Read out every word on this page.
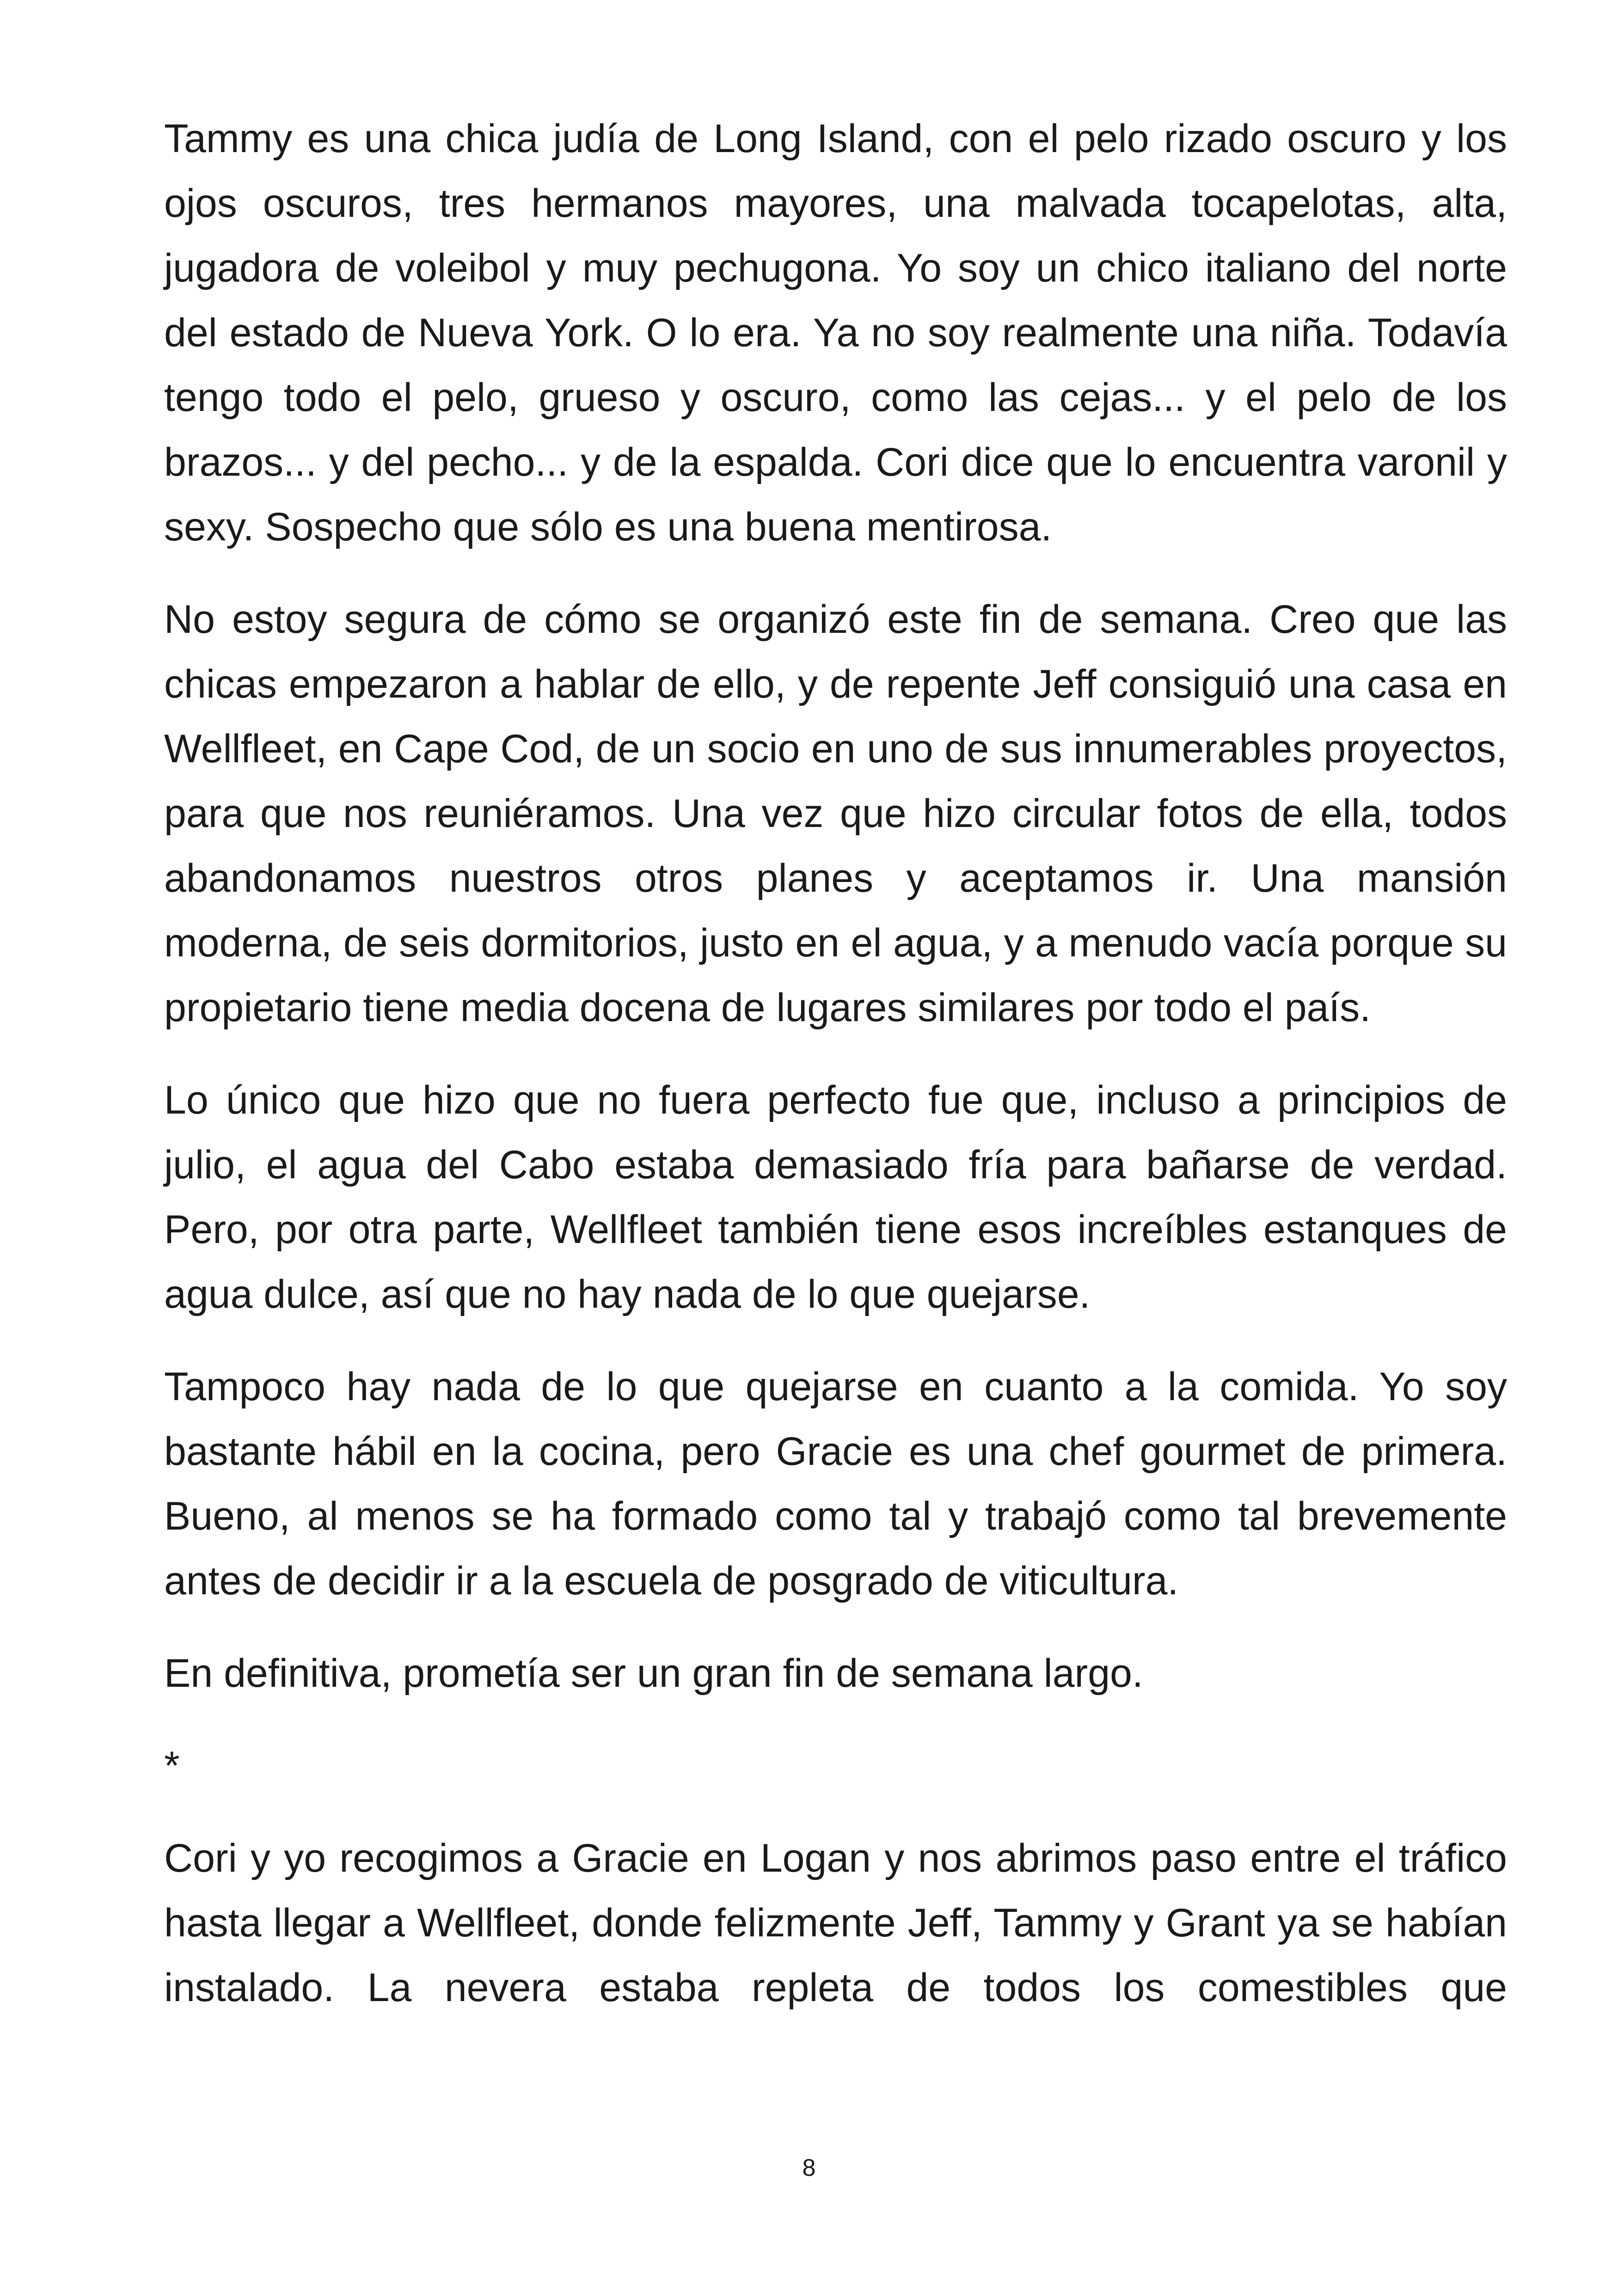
Tammy es una chica judía de Long Island, con el pelo rizado oscuro y los ojos oscuros, tres hermanos mayores, una malvada tocapelotas, alta, jugadora de voleibol y muy pechugona. Yo soy un chico italiano del norte del estado de Nueva York. O lo era. Ya no soy realmente una niña. Todavía tengo todo el pelo, grueso y oscuro, como las cejas... y el pelo de los brazos... y del pecho... y de la espalda. Cori dice que lo encuentra varonil y sexy. Sospecho que sólo es una buena mentirosa.

No estoy segura de cómo se organizó este fin de semana. Creo que las chicas empezaron a hablar de ello, y de repente Jeff consiguió una casa en Wellfleet, en Cape Cod, de un socio en uno de sus innumerables proyectos, para que nos reuniéramos. Una vez que hizo circular fotos de ella, todos abandonamos nuestros otros planes y aceptamos ir. Una mansión moderna, de seis dormitorios, justo en el agua, y a menudo vacía porque su propietario tiene media docena de lugares similares por todo el país.

Lo único que hizo que no fuera perfecto fue que, incluso a principios de julio, el agua del Cabo estaba demasiado fría para bañarse de verdad. Pero, por otra parte, Wellfleet también tiene esos increíbles estanques de agua dulce, así que no hay nada de lo que quejarse.

Tampoco hay nada de lo que quejarse en cuanto a la comida. Yo soy bastante hábil en la cocina, pero Gracie es una chef gourmet de primera. Bueno, al menos se ha formado como tal y trabajó como tal brevemente antes de decidir ir a la escuela de posgrado de viticultura.

En definitiva, prometía ser un gran fin de semana largo.

*

Cori y yo recogimos a Gracie en Logan y nos abrimos paso entre el tráfico hasta llegar a Wellfleet, donde felizmente Jeff, Tammy y Grant ya se habían instalado. La nevera estaba repleta de todos los comestibles que

8
